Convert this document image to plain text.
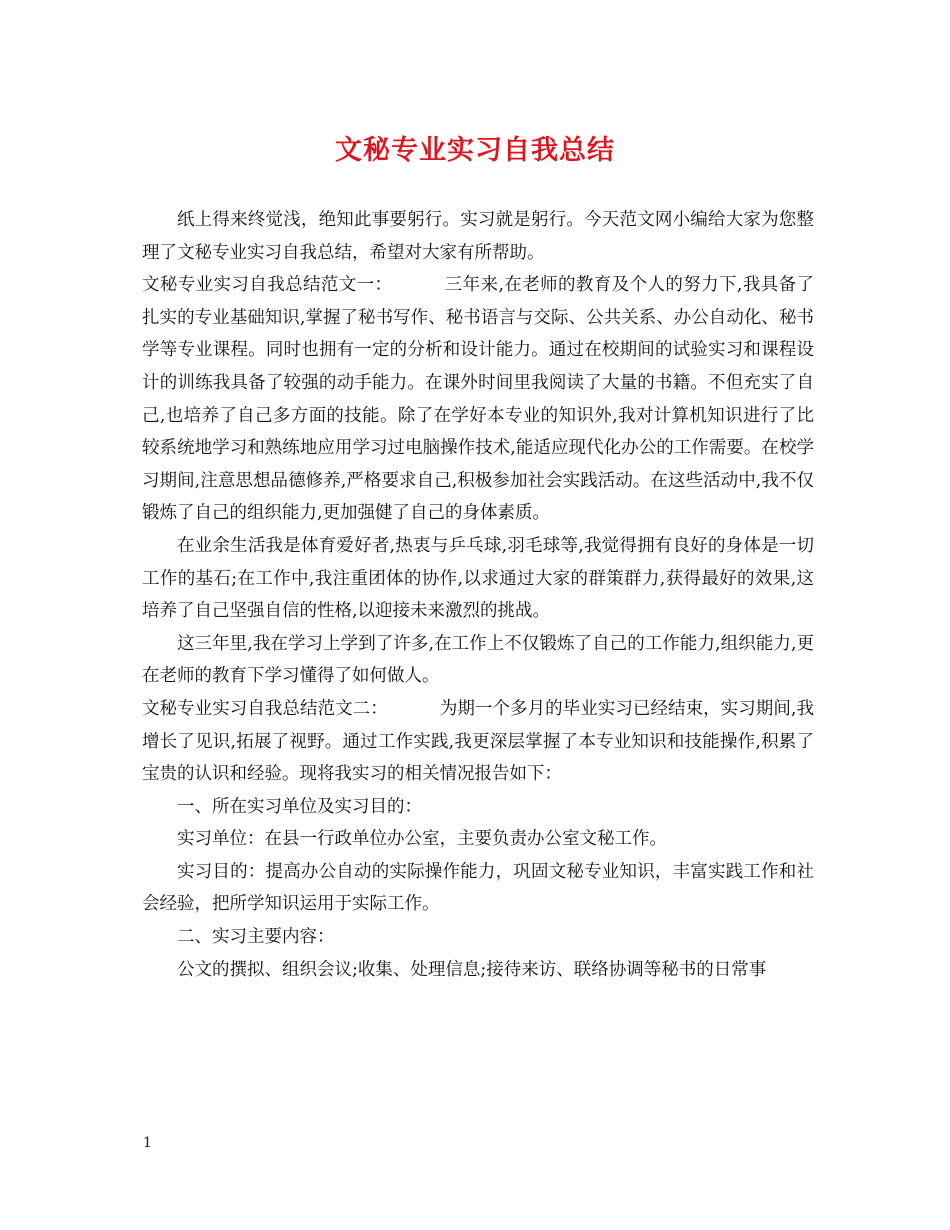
文秘专业实习自我总结

纸上得来终觉浅，绝知此事要躬行。实习就是躬行。今天范文网小编给大家为您整理了文秘专业实习自我总结，希望对大家有所帮助。

文秘专业实习自我总结范文一：	三年来,在老师的教育及个人的努力下,我具备了扎实的专业基础知识,掌握了秘书写作、秘书语言与交际、公共关系、办公自动化、秘书学等专业课程。同时也拥有一定的分析和设计能力。通过在校期间的试验实习和课程设计的训练我具备了较强的动手能力。在课外时间里我阅读了大量的书籍。不但充实了自己,也培养了自己多方面的技能。除了在学好本专业的知识外,我对计算机知识进行了比较系统地学习和熟练地应用学习过电脑操作技术,能适应现代化办公的工作需要。在校学习期间,注意思想品德修养,严格要求自己,积极参加社会实践活动。在这些活动中,我不仅锻炼了自己的组织能力,更加强健了自己的身体素质。

在业余生活我是体育爱好者,热衷与乒乓球,羽毛球等,我觉得拥有良好的身体是一切工作的基石;在工作中,我注重团体的协作,以求通过大家的群策群力,获得最好的效果,这培养了自己坚强自信的性格,以迎接未来激烈的挑战。

这三年里,我在学习上学到了许多,在工作上不仅锻炼了自己的工作能力,组织能力,更在老师的教育下学习懂得了如何做人。

文秘专业实习自我总结范文二：	为期一个多月的毕业实习已经结束，实习期间,我增长了见识,拓展了视野。通过工作实践,我更深层掌握了本专业知识和技能操作,积累了宝贵的认识和经验。现将我实习的相关情况报告如下：

一、所在实习单位及实习目的：

实习单位：在县一行政单位办公室，主要负责办公室文秘工作。

实习目的：提高办公自动的实际操作能力，巩固文秘专业知识，丰富实践工作和社会经验，把所学知识运用于实际工作。

二、实习主要内容：

公文的撰拟、组织会议;收集、处理信息;接待来访、联络协调等秘书的日常事

1
